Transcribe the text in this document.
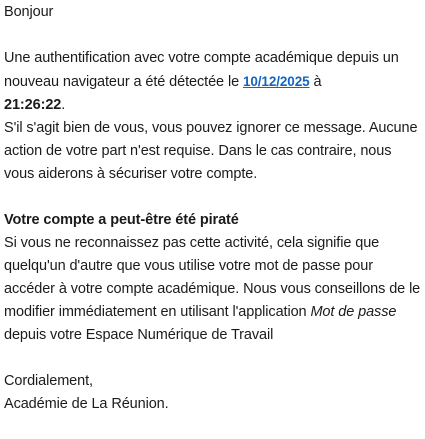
Bonjour

Une authentification avec votre compte académique depuis un nouveau navigateur a été détectée le 10/12/2025 à
21:26:22.

S'il s'agit bien de vous, vous pouvez ignorer ce message. Aucune action de votre part n'est requise. Dans le cas contraire, nous vous aiderons à sécuriser votre compte.

Votre compte a peut-être été piraté

Si vous ne reconnaissez pas cette activité, cela signifie que quelqu'un d'autre que vous utilise votre mot de passe pour accéder à votre compte académique. Nous vous conseillons de le modifier immédiatement en utilisant l'application Mot de passe depuis votre Espace Numérique de Travail

Cordialement,

Académie de La Réunion.
